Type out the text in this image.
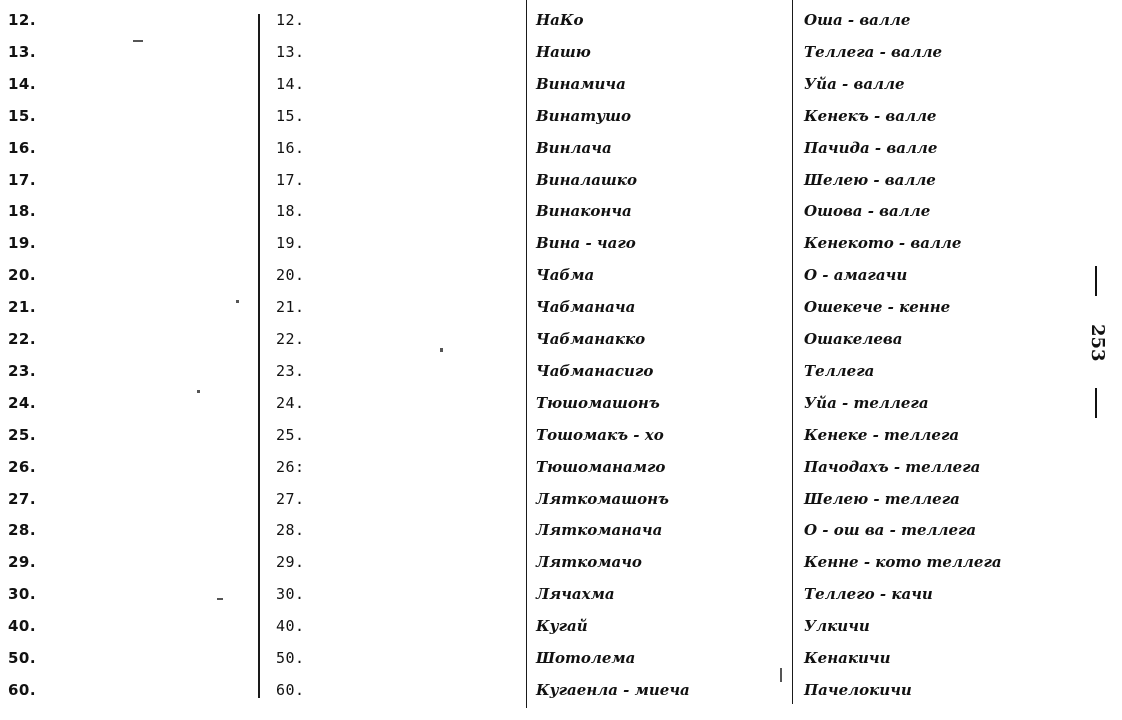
253
12.	12.	НаКо	Оша - валле
13.	13.	Нашю	Теллега - валле
14.	14.	Винамича	Уйа - валле
15.	15.	Винатушо	Кенекъ - валле
16.	16.	Винлача	Пачида - валле
17.	17.	Виналашко	Шелею - валле
18.	18.	Винаконча	Ошова - валле
19.	19.	Вина - чаго	Кенекото - валле
20.	20.	Чабма	О - амагачи
21.	21.	Чабманача	Ошекече - кенне
22.	22.	Чабманакко	Ошакелева
23.	23.	Чабманасиго	Теллега
24.	24.	Тюшомашонъ	Уйа - теллега
25.	25.	Тошомакъ - хо	Кенеке - теллега
26.	26:	Тюшоманамго	Пачодахъ - теллега
27.	27.	Ляткомашонъ	Шелею - теллега
28.	28.	Ляткоманача	О - ош ва - теллега
29.	29.	Ляткомачо	Кенне - кото теллега
30.	30.	Лячахма	Теллего - качи
40.	40.	Кугай	Улкичи
50.	50.	Шотолема	Кенакичи
60.	60.	Кугаенла - миеча	Пачелокичи
